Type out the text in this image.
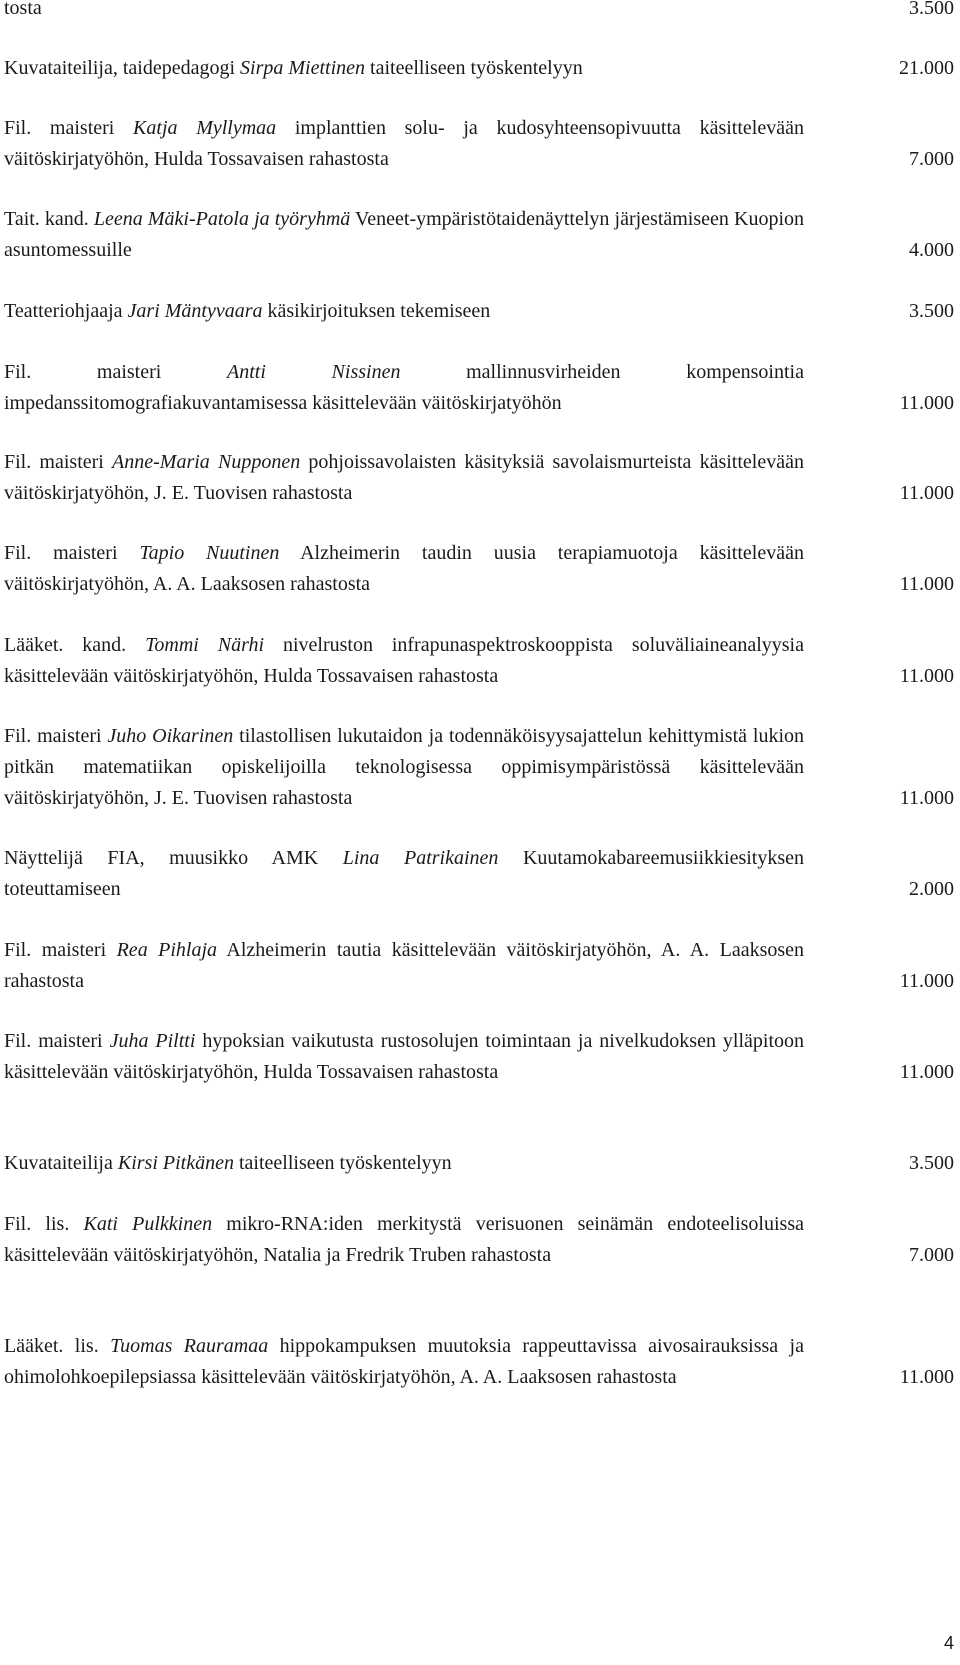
tosta	3.500
Kuvataiteilija, taidepedagogi Sirpa Miettinen taiteelliseen työskentelyyn	21.000
Fil. maisteri Katja Myllymaa implanttien solu- ja kudosyhteensopivuutta käsittelevään väitöskirjatyöhön, Hulda Tossavaisen rahastosta	7.000
Tait. kand. Leena Mäki-Patola ja työryhmä Veneet-ympäristötaidenäyttelyn järjestämiseen Kuopion asuntomessuille	4.000
Teatteriohjaaja Jari Mäntyvaara käsikirjoituksen tekemiseen	3.500
Fil. maisteri Antti Nissinen mallinnusvirheiden kompensointia impedanssitomografiakuvantamisessa käsittelevään väitöskirjatyöhön	11.000
Fil. maisteri Anne-Maria Nupponen pohjoissavolaisten käsityksiä savolaismurteista käsittelevään väitöskirjatyöhön, J. E. Tuovisen rahastosta	11.000
Fil. maisteri Tapio Nuutinen Alzheimerin taudin uusia terapiamuotoja käsittelevään väitöskirjatyöhön, A. A. Laaksosen rahastosta	11.000
Lääket. kand. Tommi Närhi nivelruston infrapunaspektroskooppista soluväliaineanalyysia käsittelevään väitöskirjatyöhön, Hulda Tossavaisen rahastosta	11.000
Fil. maisteri Juho Oikarinen tilastollisen lukutaidon ja todennäköisyysajattelun kehittymistä lukion pitkän matematiikan opiskelijoilla teknologisessa oppimisympäristössä käsittelevään väitöskirjatyöhön, J. E. Tuovisen rahastosta	11.000
Näyttelijä FIA, muusikko AMK Lina Patrikainen Kuutamokabareemusiikkiesityksen toteuttamiseen	2.000
Fil. maisteri Rea Pihlaja Alzheimerin tautia käsittelevään väitöskirjatyöhön, A. A. Laaksosen rahastosta	11.000
Fil. maisteri Juha Piltti hypoksian vaikutusta rustosolujen toimintaan ja nivelkudoksen ylläpitoon käsittelevään väitöskirjatyöhön, Hulda Tossavaisen rahastosta	11.000
Kuvataiteilija Kirsi Pitkänen taiteelliseen työskentelyyn	3.500
Fil. lis. Kati Pulkkinen mikro-RNA:iden merkitystä verisuonen seinämän endoteelisoluissa käsittelevään väitöskirjatyöhön, Natalia ja Fredrik Truben rahastosta	7.000
Lääket. lis. Tuomas Rauramaa hippokampuksen muutoksia rappeuttavissa aivosairauksissa ja ohimolohkoepilepsiassa käsittelevään väitöskirjatyöhön, A. A. Laaksosen rahastosta	11.000
4
